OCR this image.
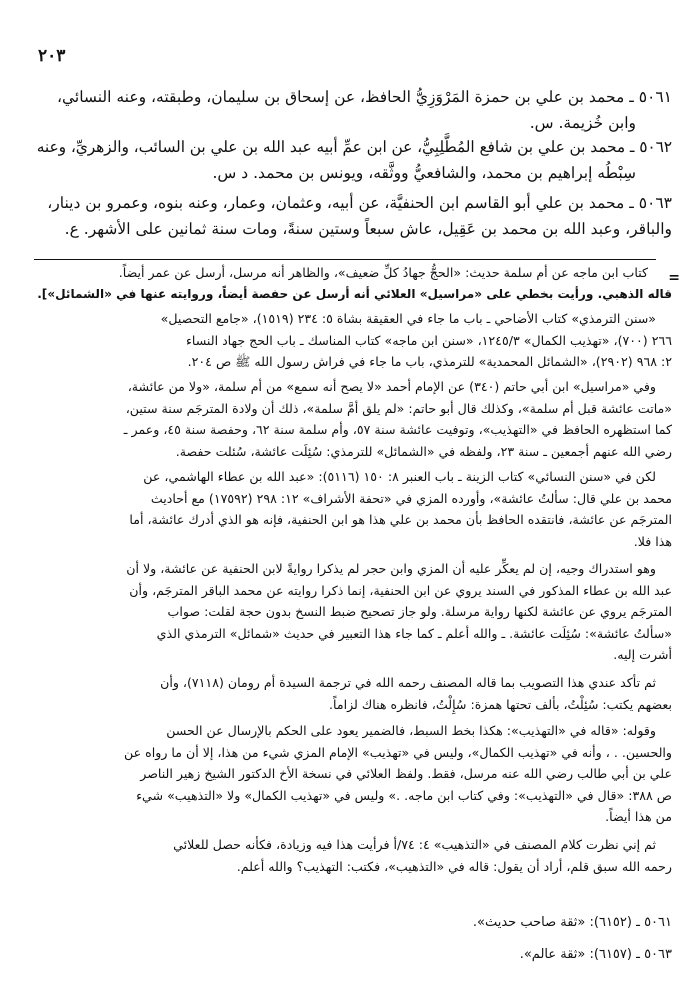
٢٠٣
٥٠٦١ ـ محمد بن علي بن حمزة المَرْوَزِيُّ الحافظ، عن إسحاق بن سليمان، وطبقته، وعنه النسائي،
وابن خُزيمة. س.
٥٠٦٢ ـ محمد بن علي بن شافع المُطَّلِبِيُّ، عن ابن عمِّ أبيه عبد الله بن علي بن السائب، والزهريِّ، وعنه
سِبْطُه إبراهيم بن محمد، والشافعيُّ ووثَّقه، ويونس بن محمد. د س.
٥٠٦٣ ـ محمد بن علي أبو القاسم ابن الحنفيَّة، عن أبيه، وعثمان، وعمار، وعنه بنوه، وعمرو بن دينار،
والباقر، وعبد الله بن محمد بن عَقِيل، عاش سبعاً وستين سنةً، ومات سنة ثمانين على الأشهر. ع.
=
كتاب ابن ماجه عن أم سلمة حديث: «الحجُّ جهادُ كلِّ ضعيف»، والظاهر أنه مرسل، أرسل عن عمر أيضاً.
قاله الذهبي. ورأيت بخطي على «مراسيل» العلائي أنه أرسل عن حفصة أيضاً، وروايته عنها في «الشمائل»].
«سنن الترمذي» كتاب الأضاحي ـ باب ما جاء في العقيقة بشاة ٥: ٢٣٤ (١٥١٩)، «جامع التحصيل»
٢٦٦ (٧٠٠)، «تهذيب الكمال» ١٢٤٥/٣، «سنن ابن ماجه» كتاب المناسك ـ باب الحج جهاد النساء
٢: ٩٦٨ (٢٩٠٢)، «الشمائل المحمدية» للترمذي، باب ما جاء في فراش رسول الله ﷺ ص ٢٠٤.
وفي «مراسيل» ابن أبي حاتم (٣٤٠) عن الإمام أحمد «لا يصح أنه سمع» من أم سلمة، «ولا من عائشة،
«ماتت عائشة قبل أم سلمة»، وكذلك قال أبو حاتم: «لم يلق أمَّ سلمة»، ذلك أن ولادة المترجَم سنة ستين،
كما استظهره الحافظ في «التهذيب»، وتوفيت عائشة سنة ٥٧، وأم سلمة سنة ٦٢، وحفصة سنة ٤٥، وعمر ـ
رضي الله عنهم أجمعين ـ سنة ٢٣، ولفظه في «الشمائل» للترمذي: سُئِلَت عائشة، سُئلت حفصة.
لكن في «سنن النسائي» كتاب الزينة ـ باب العنبر ٨: ١٥٠ (٥١١٦): «عبد الله بن عطاء الهاشمي، عن
محمد بن علي قال: سألتُ عائشة»، وأورده المزي في «تحفة الأشراف» ١٢: ٢٩٨ (١٧٥٩٢) مع أحاديث
المترجَم عن عائشة، فانتقده الحافظ بأن محمد بن علي هذا هو ابن الحنفية، فإنه هو الذي أدرك عائشة، أما
هذا فلا.
وهو استدراك وجيه، إن لم يعكِّر عليه أن المزي وابن حجر لم يذكرا روايةً لابن الحنفية عن عائشة، ولا أن
عبد الله بن عطاء المذكور في السند يروي عن ابن الحنفية، إنما ذكرا روايته عن محمد الباقر المترجَم، وأن
المترجَم يروي عن عائشة لكنها رواية مرسلة. ولو جاز تصحيح ضبط النسخ بدون حجة لقلت: صواب
«سألتُ عائشة»: سُئِلَت عائشة. ـ والله أعلم ـ كما جاء هذا التعبير في حديث «شمائل» الترمذي الذي
أشرت إليه.
ثم تأكد عندي هذا التصويب بما قاله المصنف رحمه الله في ترجمة السيدة أم رومان (٧١١٨)، وأن
بعضهم يكتب: سُئِلْتُ، بألف تحتها همزة: سُإِلْتُ، فانظره هناك لزاماً.
وقوله: «قاله في «التهذيب»: هكذا بخط السبط، فالضمير يعود على الحكم بالإرسال عن الحسن
والحسين. . ، وأنه في «تهذيب الكمال»، وليس في «تهذيب» الإمام المزي شيء من هذا، إلا أن ما رواه عن
علي بن أبي طالب رضي الله عنه مرسل، فقط. ولفظ العلائي في نسخة الأخ الدكتور الشيخ زهير الناصر
ص ٣٨٨: «قال في «التهذيب»: وفي كتاب ابن ماجه. .» وليس في «تهذيب الكمال» ولا «التذهيب» شيء
من هذا أيضاً.
ثم إني نظرت كلام المصنف في «التذهيب» ٤: ٧٤/أ فرأيت هذا فيه وزيادة، فكأنه حصل للعلائي
رحمه الله سبق قلم، أراد أن يقول: قاله في «التذهيب»، فكتب: التهذيب؟ والله أعلم.
٥٠٦١ ـ (٦١٥٢): «ثقة صاحب حديث».
٥٠٦٣ ـ (٦١٥٧): «ثقة عالم».
